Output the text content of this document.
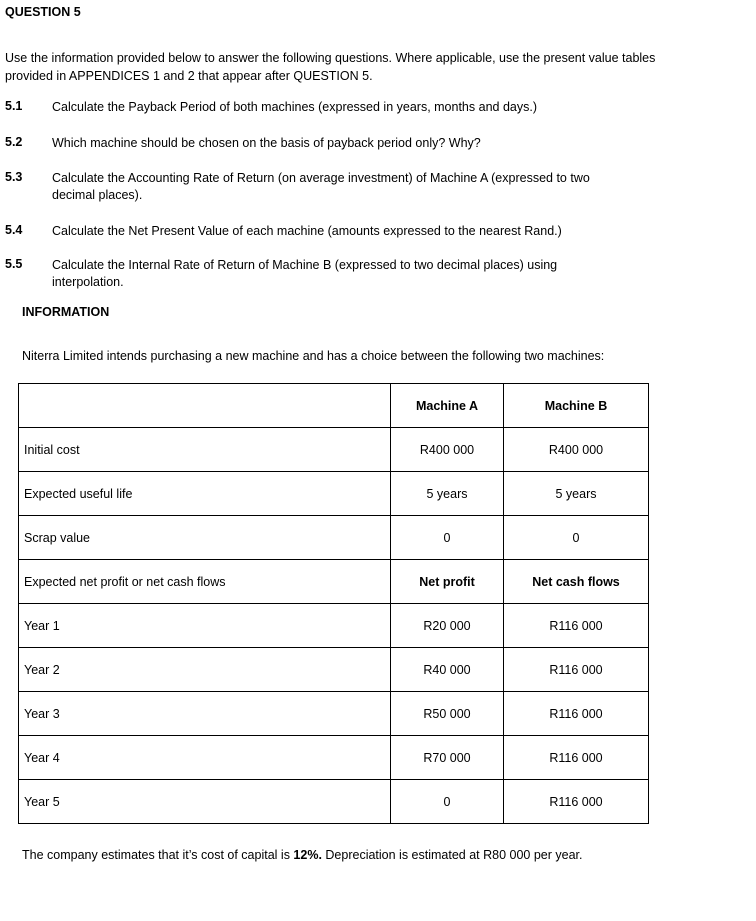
QUESTION 5
Use the information provided below to answer the following questions. Where applicable, use the present value tables provided in APPENDICES 1 and 2 that appear after QUESTION 5.
5.1 Calculate the Payback Period of both machines (expressed in years, months and days.)
5.2 Which machine should be chosen on the basis of payback period only? Why?
5.3 Calculate the Accounting Rate of Return (on average investment) of Machine A (expressed to two decimal places).
5.4 Calculate the Net Present Value of each machine (amounts expressed to the nearest Rand.)
5.5 Calculate the Internal Rate of Return of Machine B (expressed to two decimal places) using interpolation.
INFORMATION
Niterra Limited intends purchasing a new machine and has a choice between the following two machines:
	Machine A	Machine B
Initial cost	R400 000	R400 000
Expected useful life	5 years	5 years
Scrap value	0	0
Expected net profit or net cash flows	Net profit	Net cash flows
Year 1	R20 000	R116 000
Year 2	R40 000	R116 000
Year 3	R50 000	R116 000
Year 4	R70 000	R116 000
Year 5	0	R116 000
The company estimates that it’s cost of capital is 12%. Depreciation is estimated at R80 000 per year.
